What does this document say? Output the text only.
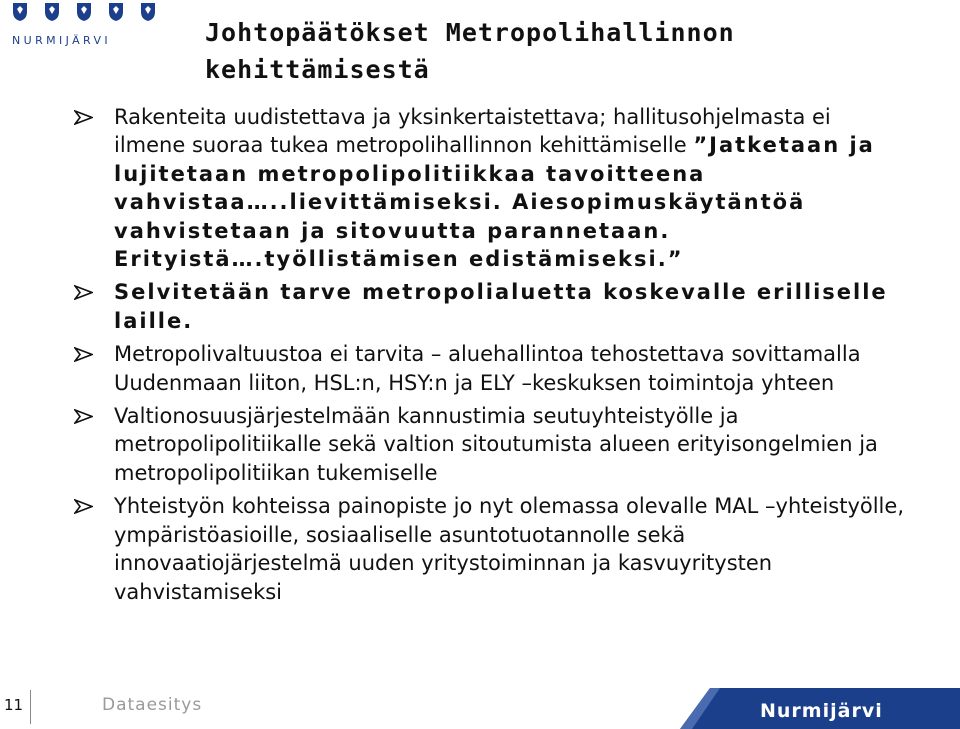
NURMIJÄRVI	Johtopäätökset Metropolihallinnon kehittämisestä
Rakenteita uudistettava ja yksinkertaistettava; hallitusohjelmasta ei ilmene suoraa tukea metropolihallinnon kehittämiselle ”Jatketaan ja lujitetaan metropolipolitiikkaa tavoitteena vahvistaa…..lievittämiseksi. Aiesopimuskäytäntöä vahvistetaan ja sitovuutta parannetaan. Erityistä….työllistämisen edistämiseksi.”
Selvitetään tarve metropolialuetta koskevalle erilliselle laille.
Metropolivaltuustoa ei tarvita – aluehallintoa tehostettava sovittamalla Uudenmaan liiton, HSL:n, HSY:n ja ELY –keskuksen toimintoja yhteen
Valtionosuusjärjestelmään kannustimia seutuyhteistyölle ja metropolipolitiikalle sekä valtion sitoutumista alueen erityisongelmien ja metropolipolitiikan tukemiselle
Yhteistyön kohteissa painopiste jo nyt olemassa olevalle MAL –yhteistyölle, ympäristöasioille, sosiaaliselle asuntotuotannolle sekä innovaatiojärjestelmä uuden yritystoiminnan ja kasvuyritysten vahvistamiseksi
11	Dataesitys	Nurmijärvi
